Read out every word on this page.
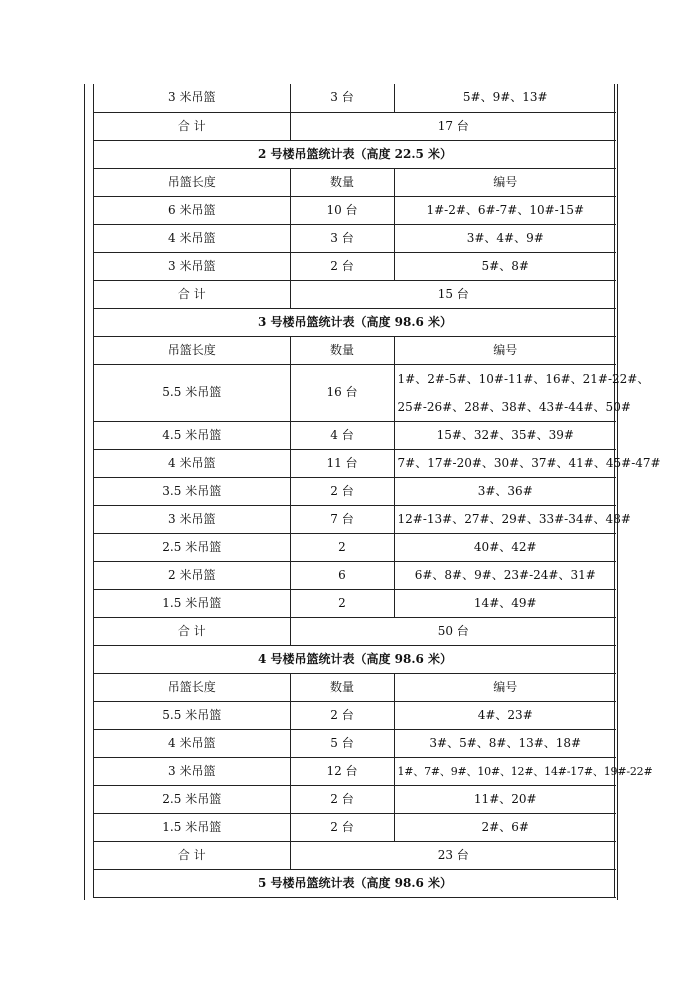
3 米吊篮	3 台	5#、9#、13#
合 计	17 台	
2 号楼吊篮统计表（高度 22.5 米）		
吊篮长度	数量	编号
6 米吊篮	10 台	1#-2#、6#-7#、10#-15#
4 米吊篮	3 台	3#、4#、9#
3 米吊篮	2 台	5#、8#
合 计	15 台	
3 号楼吊篮统计表（高度 98.6 米）		
吊篮长度	数量	编号
5.5 米吊篮	16 台	1#、2#-5#、10#-11#、16#、21#-22#、
25#-26#、28#、38#、43#-44#、50#

4.5 米吊篮	4 台	15#、32#、35#、39#
4 米吊篮	11 台	7#、17#-20#、30#、37#、41#、45#-47#
3.5 米吊篮	2 台	3#、36#
3 米吊篮	7 台	12#-13#、27#、29#、33#-34#、48#
2.5 米吊篮	2	40#、42#
2 米吊篮	6	6#、8#、9#、23#-24#、31#
1.5 米吊篮	2	14#、49#
合 计	50 台	
4 号楼吊篮统计表（高度 98.6 米）		
吊篮长度	数量	编号
5.5 米吊篮	2 台	4#、23#
4 米吊篮	5 台	3#、5#、8#、13#、18#
3 米吊篮	12 台	1#、7#、9#、10#、12#、14#-17#、19#-22#
2.5 米吊篮	2 台	11#、20#
1.5 米吊篮	2 台	2#、6#
合 计	23 台	
5 号楼吊篮统计表（高度 98.6 米）		
